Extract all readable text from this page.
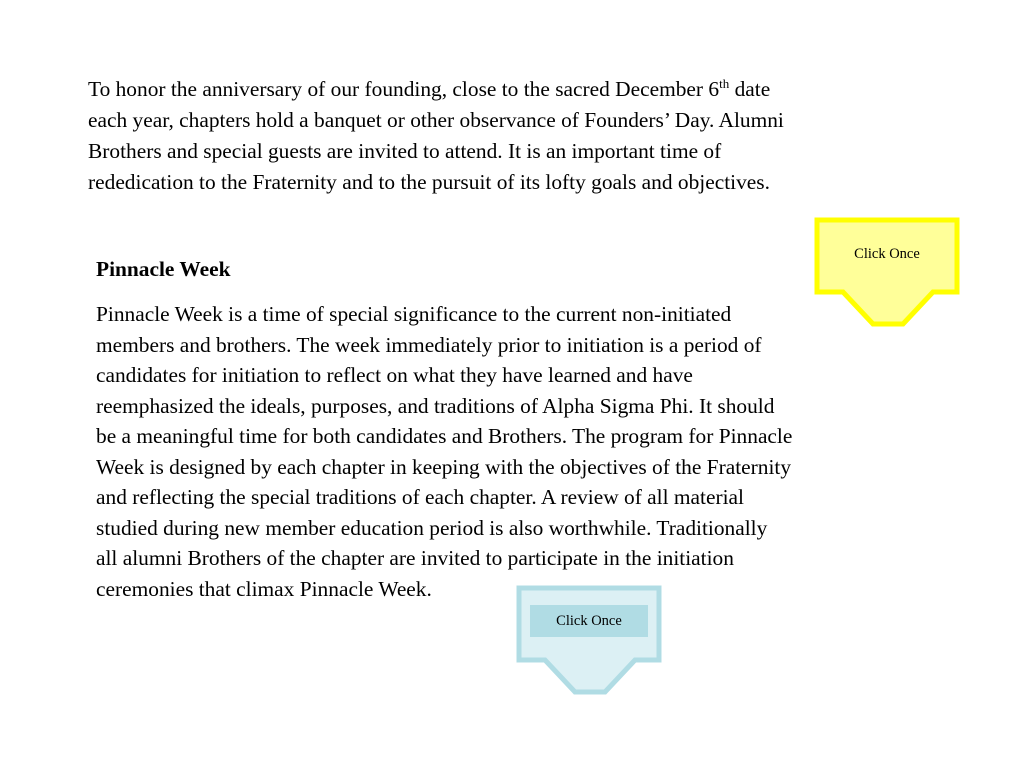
To honor the anniversary of our founding, close to the sacred December 6th date
each year, chapters hold a banquet or other observance of Founders’ Day. Alumni
Brothers and special guests are invited to attend. It is an important time of
rededication to the Fraternity and to the pursuit of its lofty goals and objectives.

Pinnacle Week

Pinnacle Week is a time of special significance to the current non-initiated
members and brothers. The week immediately prior to initiation is a period of
candidates for initiation to reflect on what they have learned and have
reemphasized the ideals, purposes, and traditions of Alpha Sigma Phi. It should
be a meaningful time for both candidates and Brothers. The program for Pinnacle
Week is designed by each chapter in keeping with the objectives of the Fraternity
and reflecting the special traditions of each chapter. A review of all material
studied during new member education period is also worthwhile. Traditionally
all alumni Brothers of the chapter are invited to participate in the initiation
ceremonies that climax Pinnacle Week.

Click Once
Click Once
